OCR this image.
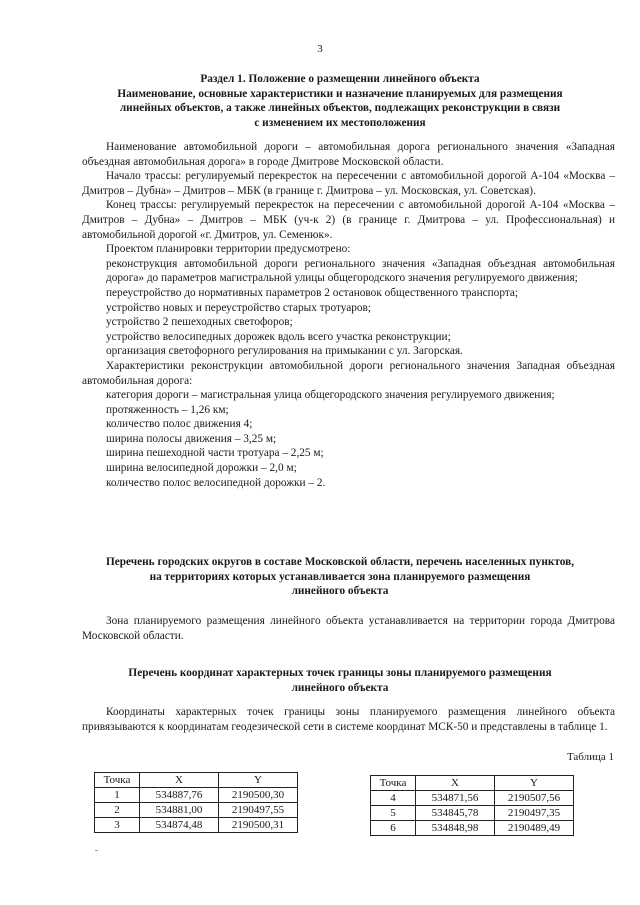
3
Раздел 1. Положение о размещении линейного объекта
Наименование, основные характеристики и назначение планируемых для размещения
линейных объектов, а также линейных объектов, подлежащих реконструкции в связи
с изменением их местоположения

Наименование автомобильной дороги – автомобильная дорога регионального значения «Западная объездная автомобильная дорога» в городе Дмитрове Московской области.

Начало трассы: регулируемый перекресток на пересечении с автомобильной дорогой А-104 «Москва – Дмитров – Дубна» – Дмитров – МБК (в границе г. Дмитрова – ул. Московская, ул. Советская).

Конец трассы: регулируемый перекресток на пересечении с автомобильной дорогой А-104 «Москва – Дмитров – Дубна» – Дмитров – МБК (уч-к 2) (в границе г. Дмитрова – ул. Профессиональная) и автомобильной дорогой «г. Дмитров, ул. Семенюк».

Проектом планировки территории предусмотрено:

реконструкция автомобильной дороги регионального значения «Западная объездная автомобильная дорога» до параметров магистральной улицы общегородского значения регулируемого движения;

переустройство до нормативных параметров 2 остановок общественного транспорта;

устройство новых и переустройство старых тротуаров;

устройство 2 пешеходных светофоров;

устройство велосипедных дорожек вдоль всего участка реконструкции;

организация светофорного регулирования на примыкании с ул. Загорская.

Характеристики реконструкции автомобильной дороги регионального значения Западная объездная автомобильная дорога:

категория дороги – магистральная улица общегородского значения регулируемого движения;

протяженность – 1,26 км;

количество полос движения 4;

ширина полосы движения – 3,25 м;

ширина пешеходной части тротуара – 2,25 м;

ширина велосипедной дорожки – 2,0 м;

количество полос велосипедной дорожки – 2.

Перечень городских округов в составе Московской области, перечень населенных пунктов,
на территориях которых устанавливается зона планируемого размещения
линейного объекта

Зона планируемого размещения линейного объекта устанавливается на территории города Дмитрова Московской области.

Перечень координат характерных точек границы зоны планируемого размещения
линейного объекта

Координаты характерных точек границы зоны планируемого размещения линейного объекта привязываются к координатам геодезической сети в системе координат МСК-50 и представлены в таблице 1.

Таблица 1
Точка	X	Y
1	534887,76	2190500,30
2	534881,00	2190497,55
3	534874,48	2190500,31
Точка	X	Y
4	534871,56	2190507,56
5	534845,78	2190497,35
6	534848,98	2190489,49
